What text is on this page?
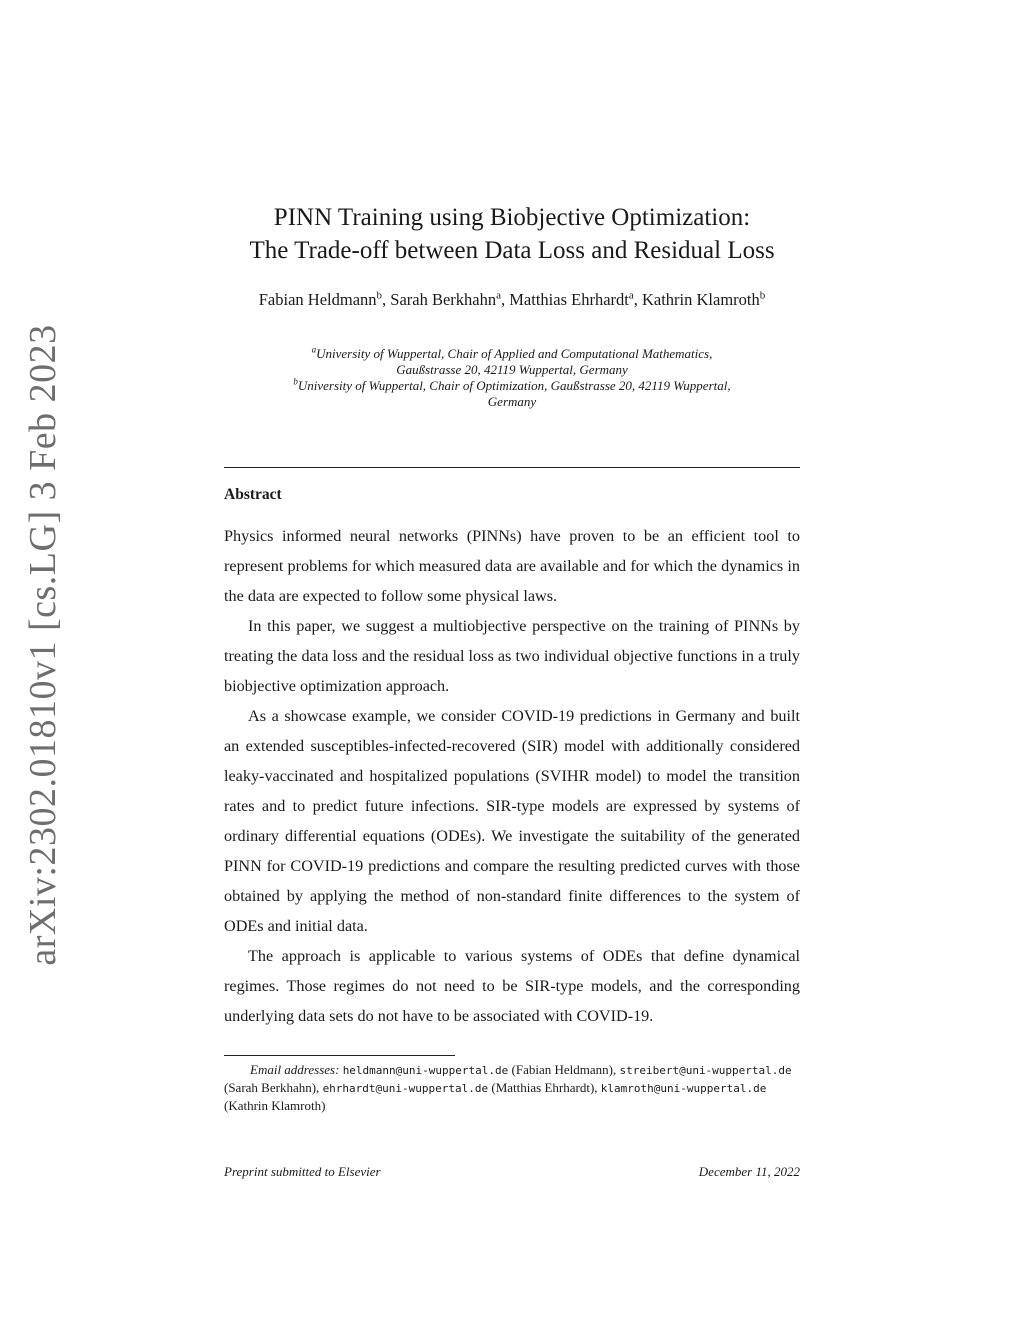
arXiv:2302.01810v1 [cs.LG] 3 Feb 2023
PINN Training using Biobjective Optimization:
The Trade-off between Data Loss and Residual Loss
Fabian Heldmann$^b$, Sarah Berkhahn$^a$, Matthias Ehrhardt$^a$, Kathrin Klamroth$^b$
$^a$University of Wuppertal, Chair of Applied and Computational Mathematics,
Gaußstrasse 20, 42119 Wuppertal, Germany
$^b$University of Wuppertal, Chair of Optimization, Gaußstrasse 20, 42119 Wuppertal,
Germany
Abstract

Physics informed neural networks (PINNs) have proven to be an efficient tool to represent problems for which measured data are available and for which the dynamics in the data are expected to follow some physical laws.

In this paper, we suggest a multiobjective perspective on the training of PINNs by treating the data loss and the residual loss as two individual objective functions in a truly biobjective optimization approach.

As a showcase example, we consider COVID-19 predictions in Germany and built an extended susceptibles-infected-recovered (SIR) model with additionally considered leaky-vaccinated and hospitalized populations (SVIHR model) to model the transition rates and to predict future infections. SIR-type models are expressed by systems of ordinary differential equations (ODEs). We investigate the suitability of the generated PINN for COVID-19 predictions and compare the resulting predicted curves with those obtained by applying the method of non-standard finite differences to the system of ODEs and initial data.

The approach is applicable to various systems of ODEs that define dynamical regimes. Those regimes do not need to be SIR-type models, and the corresponding underlying data sets do not have to be associated with COVID-19.

Email addresses: heldmann@uni-wuppertal.de (Fabian Heldmann), streibert@uni-wuppertal.de (Sarah Berkhahn), ehrhardt@uni-wuppertal.de (Matthias Ehrhardt), klamroth@uni-wuppertal.de (Kathrin Klamroth)
Preprint submitted to Elsevier	December 11, 2022
